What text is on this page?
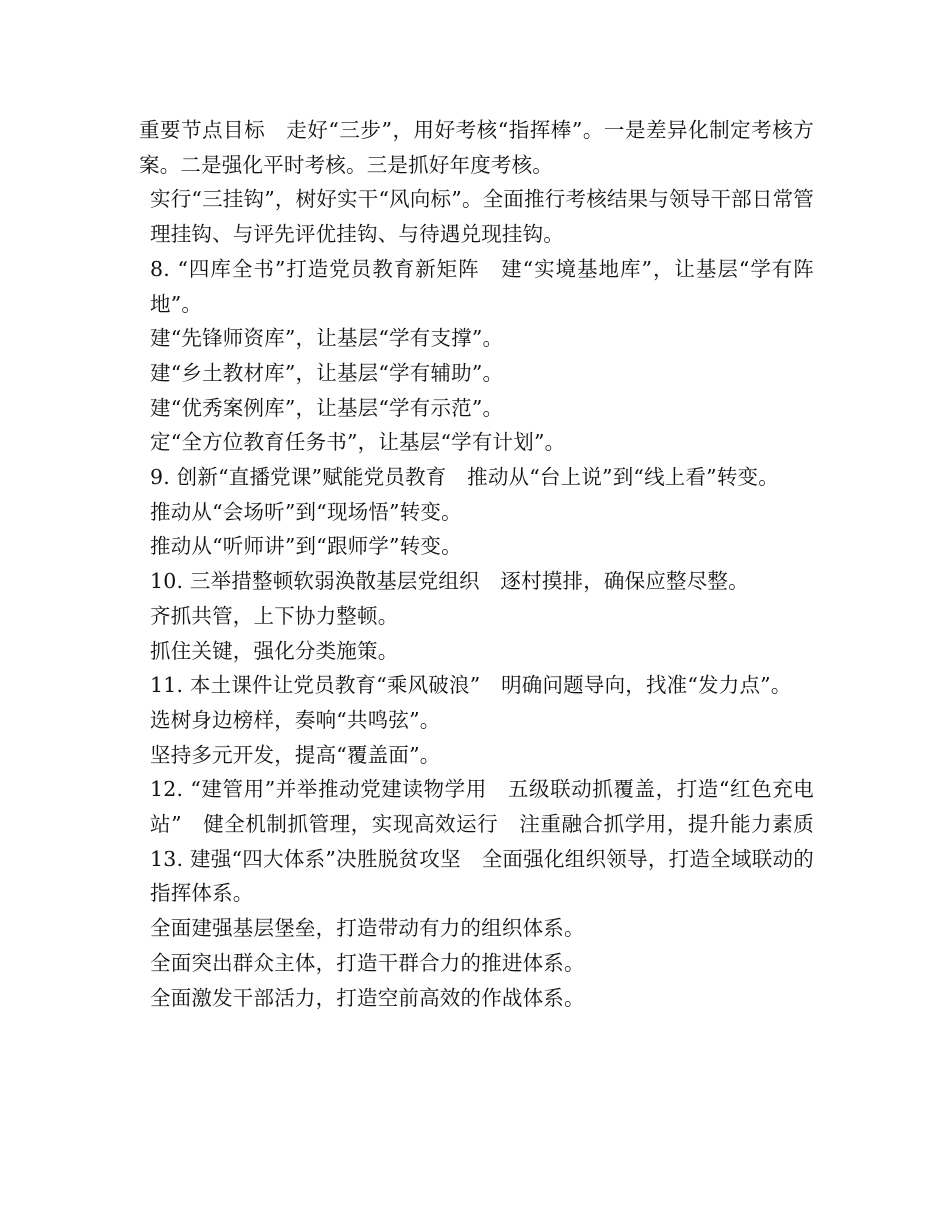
重要节点目标　走好“三步”，用好考核“指挥棒”。一是差异化制定考核方案。二是强化平时考核。三是抓好年度考核。

实行“三挂钩”，树好实干“风向标”。全面推行考核结果与领导干部日常管理挂钩、与评先评优挂钩、与待遇兑现挂钩。

8. “四库全书”打造党员教育新矩阵　建“实境基地库”，让基层“学有阵地”。

建“先锋师资库”，让基层“学有支撑”。

建“乡土教材库”，让基层“学有辅助”。

建“优秀案例库”，让基层“学有示范”。

定“全方位教育任务书”，让基层“学有计划”。

9. 创新“直播党课”赋能党员教育　推动从“台上说”到“线上看”转变。

推动从“会场听”到“现场悟”转变。

推动从“听师讲”到“跟师学”转变。

10. 三举措整顿软弱涣散基层党组织　逐村摸排，确保应整尽整。

齐抓共管，上下协力整顿。

抓住关键，强化分类施策。

11. 本土课件让党员教育“乘风破浪”　明确问题导向，找准“发力点”。

选树身边榜样，奏响“共鸣弦”。

坚持多元开发，提高“覆盖面”。

12. “建管用”并举推动党建读物学用　五级联动抓覆盖，打造“红色充电站”　健全机制抓管理，实现高效运行　注重融合抓学用，提升能力素质　13. 建强“四大体系”决胜脱贫攻坚　全面强化组织领导，打造全域联动的指挥体系。

全面建强基层堡垒，打造带动有力的组织体系。

全面突出群众主体，打造干群合力的推进体系。

全面激发干部活力，打造空前高效的作战体系。
